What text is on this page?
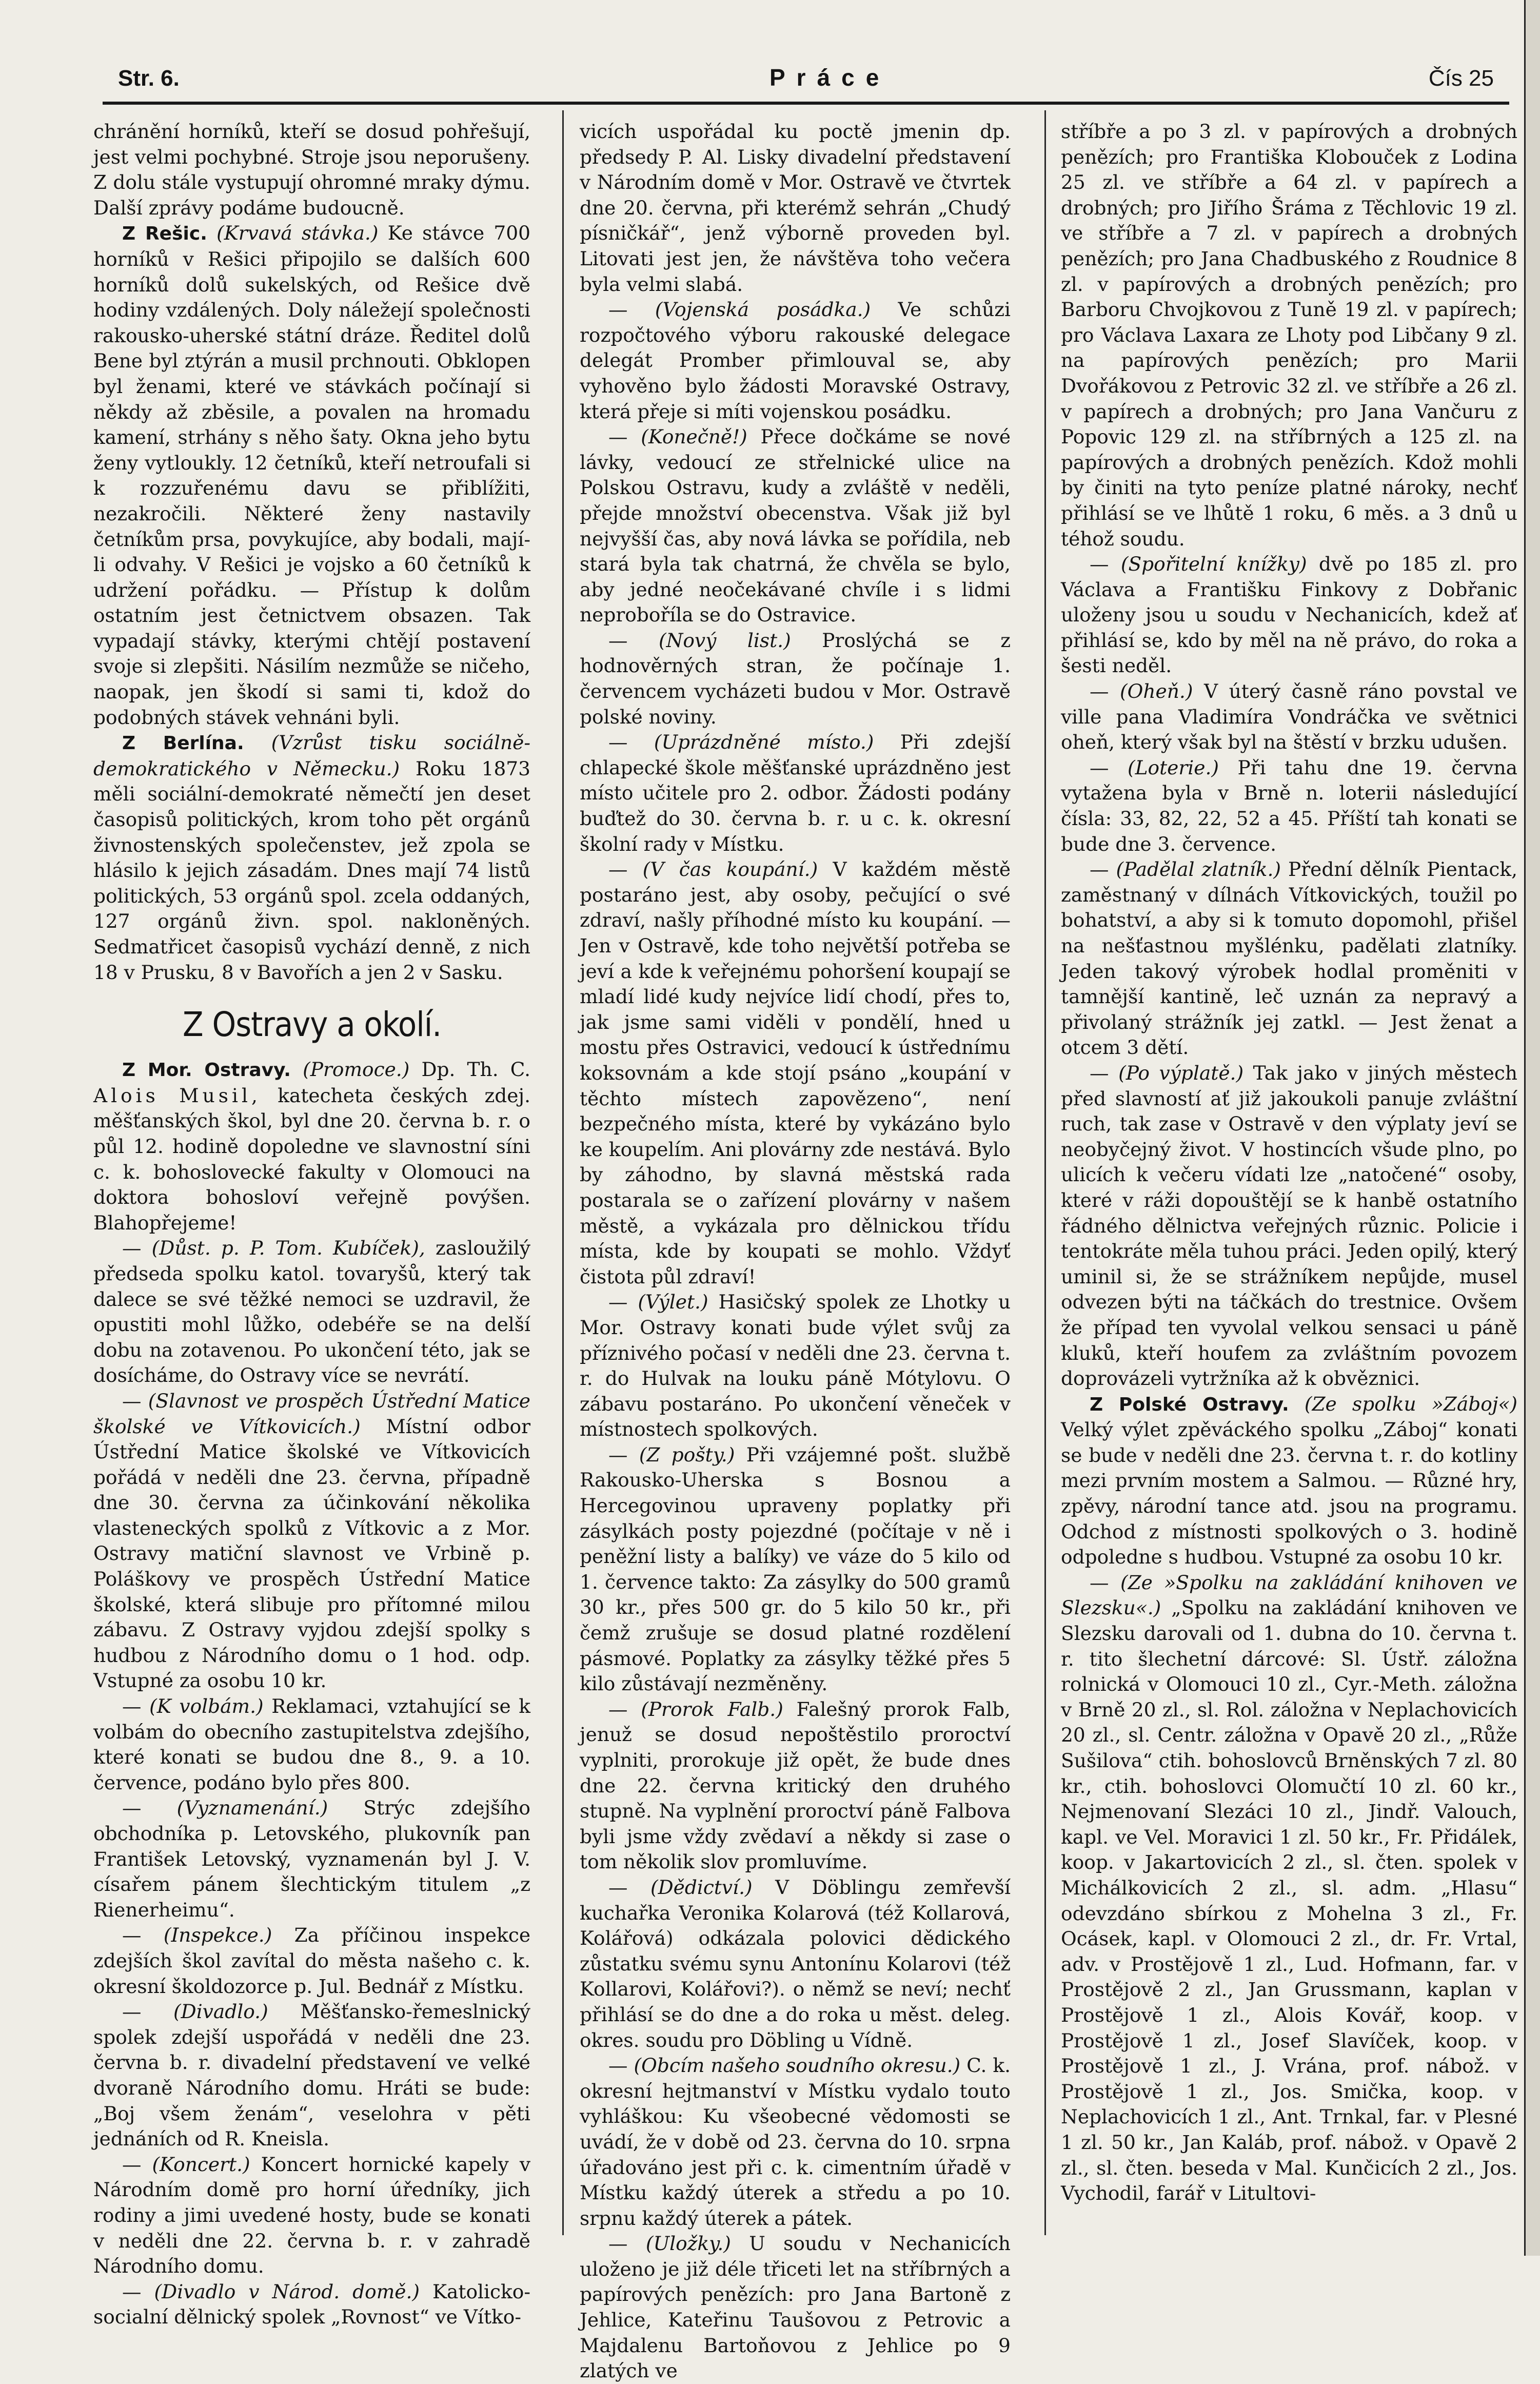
Str. 6.	Práce	Čís 25

chránění horníků, kteří se dosud pohřešují, jest velmi pochybné. Stroje jsou neporušeny. Z dolu stále vystupují ohromné mraky dýmu. Další zprávy podáme budoucně.

Z Rešic. (Krvavá stávka.) Ke stávce 700 horníků v Rešici připojilo se dalších 600 horníků dolů sukelských, od Rešice dvě hodiny vzdálených. Doly náležejí společnosti rakousko-uherské státní dráze. Ředitel dolů Bene byl ztýrán a musil prchnouti. Obklopen byl ženami, které ve stávkách počínají si někdy až zběsile, a povalen na hromadu kamení, strhány s něho šaty. Okna jeho bytu ženy vytloukly. 12 četníků, kteří netroufali si k rozzuřenému davu se přiblížiti, nezakročili. Některé ženy nastavily četníkům prsa, povykujíce, aby bodali, mají-li odvahy. V Rešici je vojsko a 60 četníků k udržení pořádku. — Přístup k dolům ostatním jest četnictvem obsazen. Tak vypadají stávky, kterými chtějí postavení svoje si zlepšiti. Násilím nezmůže se ničeho, naopak, jen škodí si sami ti, kdož do podobných stávek vehnáni byli.

Z Berlína. (Vzrůst tisku sociálně-demokratického v Německu.) Roku 1873 měli sociální-demokraté němečtí jen deset časopisů politických, krom toho pět orgánů živnostenských společenstev, jež zpola se hlásilo k jejich zásadám. Dnes mají 74 listů politických, 53 orgánů spol. zcela oddaných, 127 orgánů živn. spol. nakloněných. Sedmatřicet časopisů vychází denně, z nich 18 v Prusku, 8 v Bavořích a jen 2 v Sasku.

Z Ostravy a okolí.

Z Mor. Ostravy. (Promoce.) Dp. Th. C. Alois Musil, katecheta českých zdej. měšťanských škol, byl dne 20. června b. r. o půl 12. hodině dopoledne ve slavnostní síni c. k. bohoslovecké fakulty v Olomouci na doktora bohosloví veřejně povýšen. Blahopřejeme!

— (Důst. p. P. Tom. Kubíček), zasloužilý předseda spolku katol. tovaryšů, který tak dalece se své těžké nemoci se uzdravil, že opustiti mohl lůžko, odebéře se na delší dobu na zotavenou. Po ukončení této, jak se dosícháme, do Ostravy více se nevrátí.

— (Slavnost ve prospěch Ústřední Matice školské ve Vítkovicích.) Místní odbor Ústřední Matice školské ve Vítkovicích pořádá v neděli dne 23. června, případně dne 30. června za účinkování několika vlasteneckých spolků z Vítkovic a z Mor. Ostravy matiční slavnost ve Vrbině p. Poláškovy ve prospěch Ústřední Matice školské, která slibuje pro přítomné milou zábavu. Z Ostravy vyjdou zdejší spolky s hudbou z Národního domu o 1 hod. odp. Vstupné za osobu 10 kr.

— (K volbám.) Reklamaci, vztahující se k volbám do obecního zastupitelstva zdejšího, které konati se budou dne 8., 9. a 10. července, podáno bylo přes 800.

— (Vyznamenání.) Strýc zdejšího obchodníka p. Letovského, plukovník pan František Letovský, vyznamenán byl J. V. císařem pánem šlechtickým titulem „z Rienerheimu“.

— (Inspekce.) Za příčinou inspekce zdejších škol zavítal do města našeho c. k. okresní školdozorce p. Jul. Bednář z Místku.

— (Divadlo.) Měšťansko-řemeslnický spolek zdejší uspořádá v neděli dne 23. června b. r. divadelní představení ve velké dvoraně Národního domu. Hráti se bude: „Boj všem ženám“, veselohra v pěti jednáních od R. Kneisla.

— (Koncert.) Koncert hornické kapely v Národním domě pro horní úředníky, jich rodiny a jimi uvedené hosty, bude se konati v neděli dne 22. června b. r. v zahradě Národního domu.

— (Divadlo v Národ. domě.) Katolicko-socialní dělnický spolek „Rovnost“ ve Vítko-

vicích uspořádal ku poctě jmenin dp. předsedy P. Al. Lisky divadelní představení v Národním domě v Mor. Ostravě ve čtvrtek dne 20. června, při kterémž sehrán „Chudý písničkář“, jenž výborně proveden byl. Litovati jest jen, že návštěva toho večera byla velmi slabá.

— (Vojenská posádka.) Ve schůzi rozpočtového výboru rakouské delegace delegát Promber přimlouval se, aby vyhověno bylo žádosti Moravské Ostravy, která přeje si míti vojenskou posádku.

— (Konečně!) Přece dočkáme se nové lávky, vedoucí ze střelnické ulice na Polskou Ostravu, kudy a zvláště v neděli, přejde množství obecenstva. Však již byl nejvyšší čas, aby nová lávka se pořídila, neb stará byla tak chatrná, že chvěla se bylo, aby jedné neočekávané chvíle i s lidmi neproboříla se do Ostravice.

— (Nový list.) Proslýchá se z hodnověrných stran, že počínaje 1. červencem vycházeti budou v Mor. Ostravě polské noviny.

— (Uprázdněné místo.) Při zdejší chlapecké škole měšťanské uprázdněno jest místo učitele pro 2. odbor. Žádosti podány buďtež do 30. června b. r. u c. k. okresní školní rady v Místku.

— (V čas koupání.) V každém městě postaráno jest, aby osoby, pečující o své zdraví, našly příhodné místo ku koupání. — Jen v Ostravě, kde toho největší potřeba se jeví a kde k veřejnému pohoršení koupají se mladí lidé kudy nejvíce lidí chodí, přes to, jak jsme sami viděli v pondělí, hned u mostu přes Ostravici, vedoucí k ústřednímu koksovnám a kde stojí psáno „koupání v těchto místech zapovězeno“, není bezpečného místa, které by vykázáno bylo ke koupelím. Ani plovárny zde nestává. Bylo by záhodno, by slavná městská rada postarala se o zařízení plovárny v našem městě, a vykázala pro dělnickou třídu místa, kde by koupati se mohlo. Vždyť čistota půl zdraví!

— (Výlet.) Hasičský spolek ze Lhotky u Mor. Ostravy konati bude výlet svůj za příznivého počasí v neděli dne 23. června t. r. do Hulvak na louku páně Mótylovu. O zábavu postaráno. Po ukončení věneček v místnostech spolkových.

— (Z pošty.) Při vzájemné pošt. službě Rakousko-Uherska s Bosnou a Hercegovinou upraveny poplatky při zásylkách posty pojezdné (počítaje v ně i peněžní listy a balíky) ve váze do 5 kilo od 1. července takto: Za zásylky do 500 gramů 30 kr., přes 500 gr. do 5 kilo 50 kr., při čemž zrušuje se dosud platné rozdělení pásmové. Poplatky za zásylky těžké přes 5 kilo zůstávají nezměněny.

— (Prorok Falb.) Falešný prorok Falb, jenuž se dosud nepoštěstilo proroctví vyplniti, prorokuje již opět, že bude dnes dne 22. června kritický den druhého stupně. Na vyplnění proroctví páně Falbova byli jsme vždy zvědaví a někdy si zase o tom několik slov promluvíme.

— (Dědictví.) V Döblingu zemřevší kuchařka Veronika Kolarová (též Kollarová, Kolářová) odkázala polovici dědického zůstatku svému synu Antonínu Kolarovi (též Kollarovi, Kolářovi?). o němž se neví; nechť přihlásí se do dne a do roka u měst. deleg. okres. soudu pro Döbling u Vídně.

— (Obcím našeho soudního okresu.) C. k. okresní hejtmanství v Místku vydalo touto vyhláškou: Ku všeobecné vědomosti se uvádí, že v době od 23. června do 10. srpna úřadováno jest při c. k. cimentním úřadě v Místku každý úterek a středu a po 10. srpnu každý úterek a pátek.

— (Uložky.) U soudu v Nechanicích uloženo je již déle třiceti let na stříbrných a papírových penězích: pro Jana Bartoně z Jehlice, Kateřinu Taušovou z Petrovic a Majdalenu Bartoňovou z Jehlice po 9 zlatých ve

stříbře a po 3 zl. v papírových a drobných penězích; pro Františka Klobouček z Lodina 25 zl. ve stříbře a 64 zl. v papírech a drobných; pro Jiřího Šráma z Těchlovic 19 zl. ve stříbře a 7 zl. v papírech a drobných penězích; pro Jana Chadbuského z Roudnice 8 zl. v papírových a drobných penězích; pro Barboru Chvojkovou z Tuně 19 zl. v papírech; pro Václava Laxara ze Lhoty pod Libčany 9 zl. na papírových penězích; pro Marii Dvořákovou z Petrovic 32 zl. ve stříbře a 26 zl. v papírech a drobných; pro Jana Vančuru z Popovic 129 zl. na stříbrných a 125 zl. na papírových a drobných penězích. Kdož mohli by činiti na tyto peníze platné nároky, nechť přihlásí se ve lhůtě 1 roku, 6 měs. a 3 dnů u téhož soudu.

— (Spořitelní knížky) dvě po 185 zl. pro Václava a Františku Finkovy z Dobřanic uloženy jsou u soudu v Nechanicích, kdež ať přihlásí se, kdo by měl na ně právo, do roka a šesti neděl.

— (Oheň.) V úterý časně ráno povstal ve ville pana Vladimíra Vondráčka ve světnici oheň, který však byl na štěstí v brzku udušen.

— (Loterie.) Při tahu dne 19. června vytažena byla v Brně n. loterii následující čísla: 33, 82, 22, 52 a 45. Příští tah konati se bude dne 3. července.

— (Padělal zlatník.) Přední dělník Pientack, zaměstnaný v dílnách Vítkovických, toužil po bohatství, a aby si k tomuto dopomohl, přišel na nešťastnou myšlénku, padělati zlatníky. Jeden takový výrobek hodlal proměniti v tamnější kantině, leč uznán za nepravý a přivolaný strážník jej zatkl. — Jest ženat a otcem 3 dětí.

— (Po výplatě.) Tak jako v jiných městech před slavností ať již jakoukoli panuje zvláštní ruch, tak zase v Ostravě v den výplaty jeví se neobyčejný život. V hostincích všude plno, po ulicích k večeru vídati lze „natočené“ osoby, které v ráži dopouštějí se k hanbě ostatního řádného dělnictva veřejných různic. Policie i tentokráte měla tuhou práci. Jeden opilý, který uminil si, že se strážníkem nepůjde, musel odvezen býti na táčkách do trestnice. Ovšem že případ ten vyvolal velkou sensaci u páně kluků, kteří houfem za zvláštním povozem doprovázeli vytržníka až k obvěznici.

Z Polské Ostravy. (Ze spolku »Záboj«) Velký výlet zpěváckého spolku „Záboj“ konati se bude v neděli dne 23. června t. r. do kotliny mezi prvním mostem a Salmou. — Různé hry, zpěvy, národní tance atd. jsou na programu. Odchod z místnosti spolkových o 3. hodině odpoledne s hudbou. Vstupné za osobu 10 kr.

— (Ze »Spolku na zakládání knihoven ve Slezsku«.) „Spolku na zakládání knihoven ve Slezsku darovali od 1. dubna do 10. června t. r. tito šlechetní dárcové: Sl. Ústř. záložna rolnická v Olomouci 10 zl., Cyr.-Meth. záložna v Brně 20 zl., sl. Rol. záložna v Neplachovicích 20 zl., sl. Centr. záložna v Opavě 20 zl., „Růže Sušilova“ ctih. bohoslovců Brněnských 7 zl. 80 kr., ctih. bohoslovci Olomučtí 10 zl. 60 kr., Nejmenovaní Slezáci 10 zl., Jindř. Valouch, kapl. ve Vel. Moravici 1 zl. 50 kr., Fr. Přidálek, koop. v Jakartovicích 2 zl., sl. čten. spolek v Michálkovicích 2 zl., sl. adm. „Hlasu“ odevzdáno sbírkou z Mohelna 3 zl., Fr. Ocásek, kapl. v Olomouci 2 zl., dr. Fr. Vrtal, adv. v Prostějově 1 zl., Lud. Hofmann, far. v Prostějově 2 zl., Jan Grussmann, kaplan v Prostějově 1 zl., Alois Kovář, koop. v Prostějově 1 zl., Josef Slavíček, koop. v Prostějově 1 zl., J. Vrána, prof. nábož. v Prostějově 1 zl., Jos. Smička, koop. v Neplachovicích 1 zl., Ant. Trnkal, far. v Plesné 1 zl. 50 kr., Jan Kaláb, prof. nábož. v Opavě 2 zl., sl. čten. beseda v Mal. Kunčicích 2 zl., Jos. Vychodil, farář v Litultovi-
